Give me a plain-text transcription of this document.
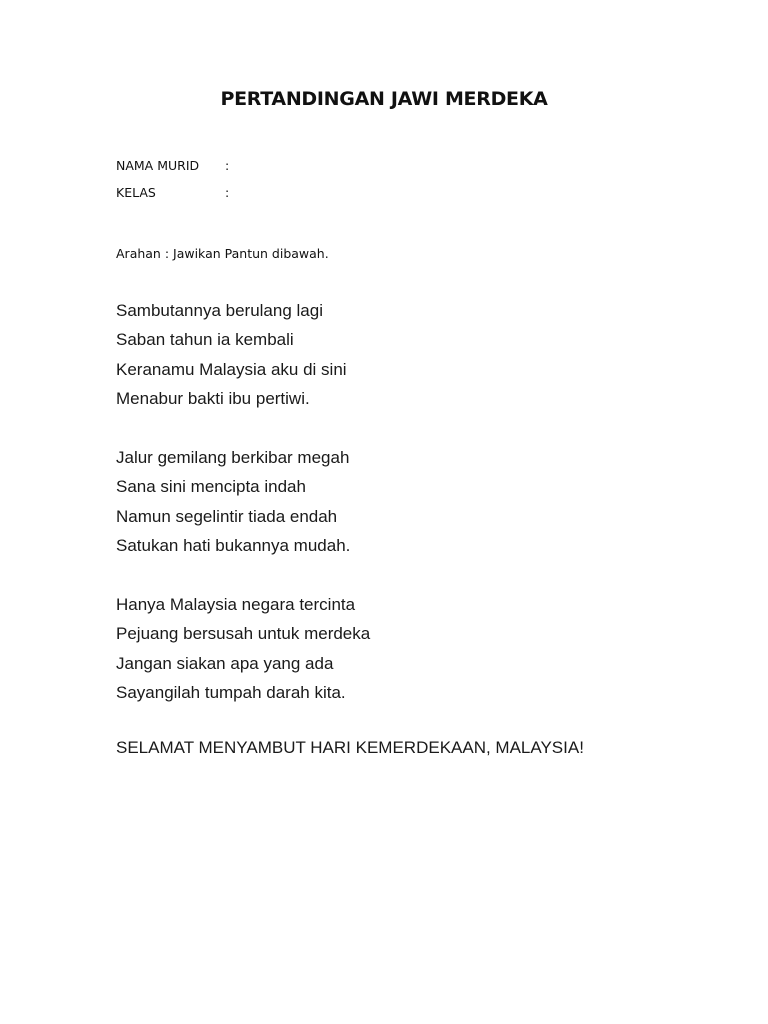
PERTANDINGAN JAWI MERDEKA
NAMA MURID :
KELAS	:
Arahan : Jawikan Pantun dibawah.
Sambutannya berulang lagi
Saban tahun ia kembali
Keranamu Malaysia aku di sini
Menabur bakti ibu pertiwi.
Jalur gemilang berkibar megah
Sana sini mencipta indah
Namun segelintir tiada endah
Satukan hati bukannya mudah.
Hanya Malaysia negara tercinta
Pejuang bersusah untuk merdeka
Jangan siakan apa yang ada
Sayangilah tumpah darah kita.
SELAMAT MENYAMBUT HARI KEMERDEKAAN, MALAYSIA!
